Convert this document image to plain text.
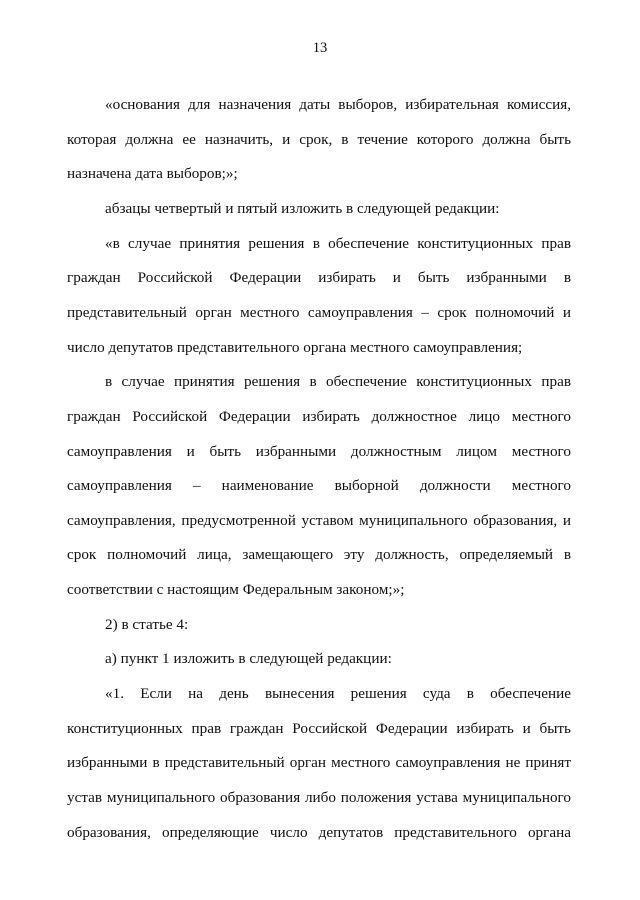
13
«основания для назначения даты выборов, избирательная комиссия,
которая должна ее назначить, и срок, в течение которого должна быть
назначена дата выборов;»;
абзацы четвертый и пятый изложить в следующей редакции:
«в случае принятия решения в обеспечение конституционных прав
граждан Российской Федерации избирать и быть избранными в
представительный орган местного самоуправления – срок полномочий и
число депутатов представительного органа местного самоуправления;
в случае принятия решения в обеспечение конституционных прав
граждан Российской Федерации избирать должностное лицо местного
самоуправления и быть избранными должностным лицом местного
самоуправления – наименование выборной должности местного
самоуправления, предусмотренной уставом муниципального образования, и
срок полномочий лица, замещающего эту должность, определяемый в
соответствии с настоящим Федеральным законом;»;
2) в статье 4:
а) пункт 1 изложить в следующей редакции:
«1. Если на день вынесения решения суда в обеспечение
конституционных прав граждан Российской Федерации избирать и быть
избранными в представительный орган местного самоуправления не принят
устав муниципального образования либо положения устава муниципального
образования, определяющие число депутатов представительного органа
